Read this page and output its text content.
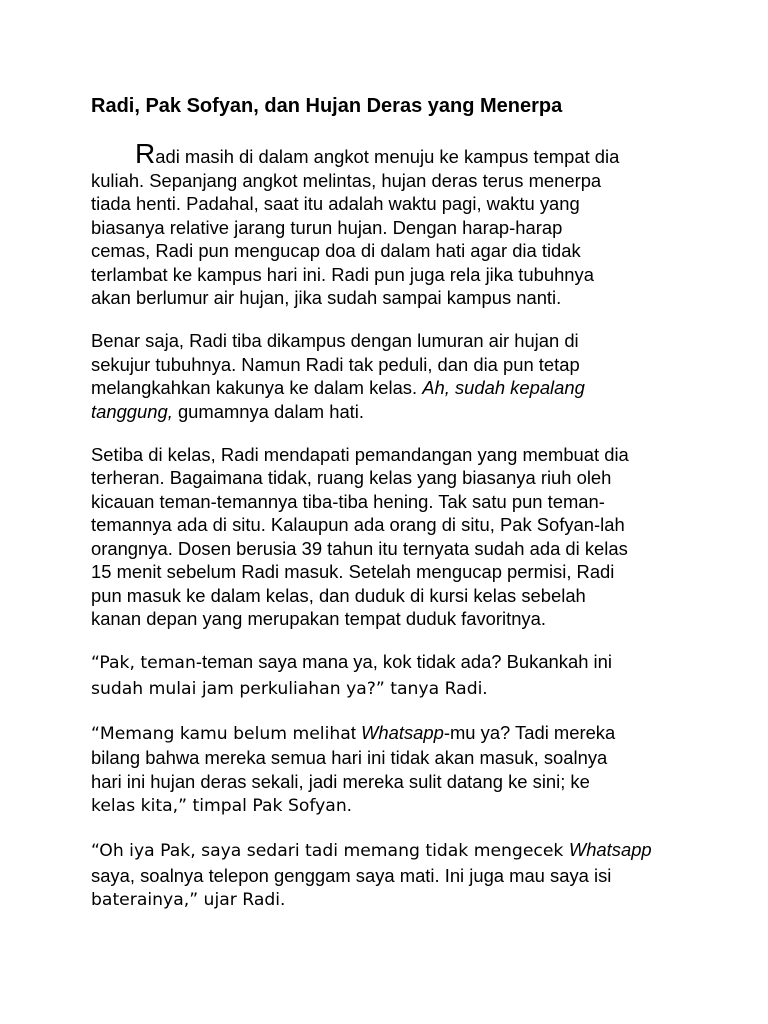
Radi, Pak Sofyan, dan Hujan Deras yang Menerpa
Radi masih di dalam angkot menuju ke kampus tempat dia
kuliah. Sepanjang angkot melintas, hujan deras terus menerpa
tiada henti. Padahal, saat itu adalah waktu pagi, waktu yang
biasanya relative jarang turun hujan. Dengan harap-harap
cemas, Radi pun mengucap doa di dalam hati agar dia tidak
terlambat ke kampus hari ini. Radi pun juga rela jika tubuhnya
akan berlumur air hujan, jika sudah sampai kampus nanti.
Benar saja, Radi tiba dikampus dengan lumuran air hujan di
sekujur tubuhnya. Namun Radi tak peduli, dan dia pun tetap
melangkahkan kakunya ke dalam kelas. Ah, sudah kepalang
tanggung, gumamnya dalam hati.
Setiba di kelas, Radi mendapati pemandangan yang membuat dia
terheran. Bagaimana tidak, ruang kelas yang biasanya riuh oleh
kicauan teman-temannya tiba-tiba hening. Tak satu pun teman-
temannya ada di situ. Kalaupun ada orang di situ, Pak Sofyan-lah
orangnya. Dosen berusia 39 tahun itu ternyata sudah ada di kelas
15 menit sebelum Radi masuk. Setelah mengucap permisi, Radi
pun masuk ke dalam kelas, dan duduk di kursi kelas sebelah
kanan depan yang merupakan tempat duduk favoritnya.
“Pak, teman-teman saya mana ya, kok tidak ada? Bukankah ini
sudah mulai jam perkuliahan ya?” tanya Radi.
“Memang kamu belum melihat Whatsapp-mu ya? Tadi mereka
bilang bahwa mereka semua hari ini tidak akan masuk, soalnya
hari ini hujan deras sekali, jadi mereka sulit datang ke sini; ke
kelas kita,” timpal Pak Sofyan.
“Oh iya Pak, saya sedari tadi memang tidak mengecek Whatsapp
saya, soalnya telepon genggam saya mati. Ini juga mau saya isi
baterainya,” ujar Radi.
